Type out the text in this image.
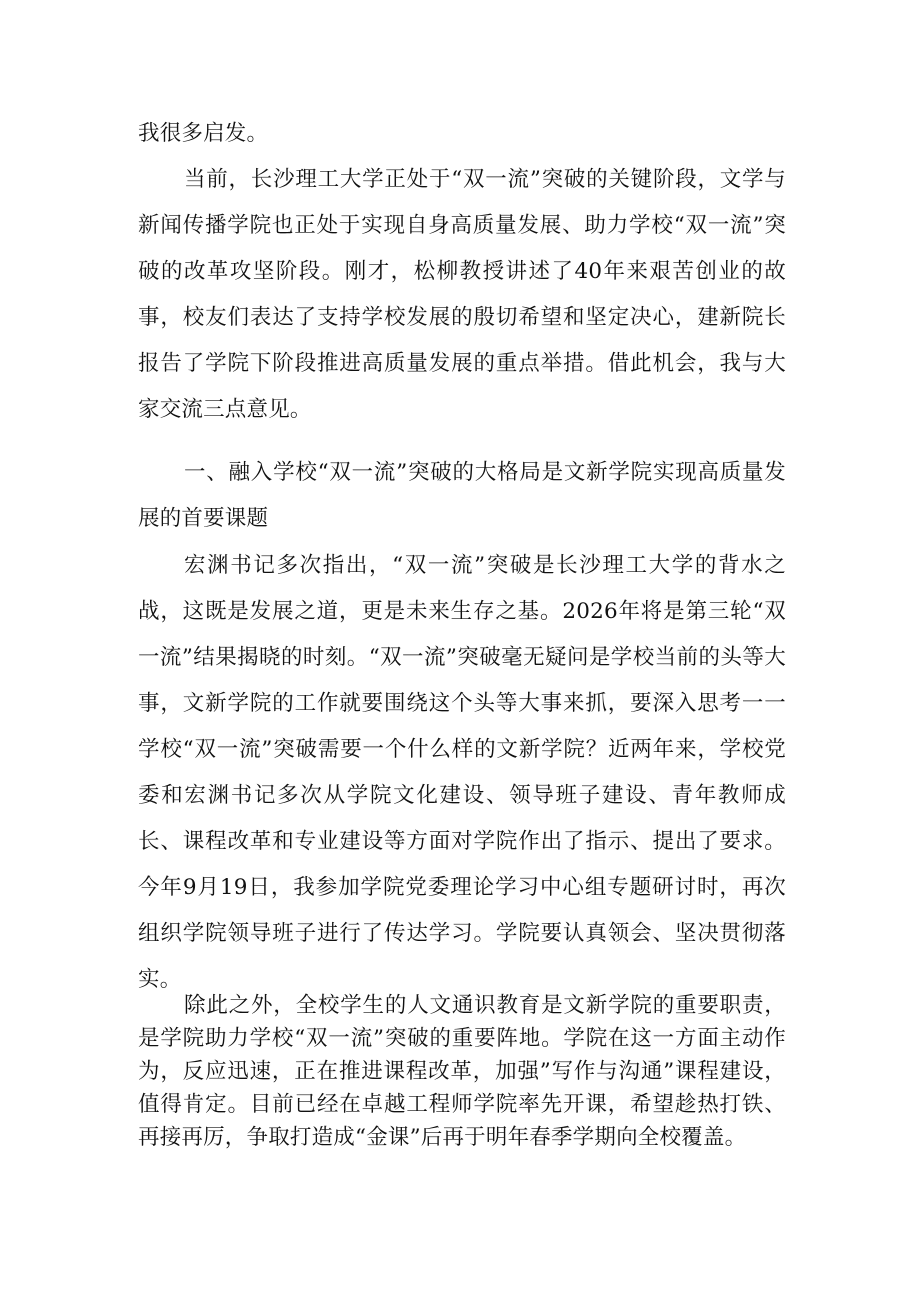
我很多启发。

当前，长沙理工大学正处于“双一流”突破的关键阶段，文学与新闻传播学院也正处于实现自身高质量发展、助力学校“双一流”突破的改革攻坚阶段。刚才，松柳教授讲述了40年来艰苦创业的故事，校友们表达了支持学校发展的殷切希望和坚定决心，建新院长报告了学院下阶段推进高质量发展的重点举措。借此机会，我与大家交流三点意见。

一、融入学校“双一流”突破的大格局是文新学院实现高质量发展的首要课题

宏渊书记多次指出，“双一流”突破是长沙理工大学的背水之战，这既是发展之道，更是未来生存之基。2026年将是第三轮“双一流”结果揭晓的时刻。“双一流”突破毫无疑问是学校当前的头等大事，文新学院的工作就要围绕这个头等大事来抓，要深入思考一一学校“双一流”突破需要一个什么样的文新学院？近两年来，学校党委和宏渊书记多次从学院文化建设、领导班子建设、青年教师成长、课程改革和专业建设等方面对学院作出了指示、提出了要求。今年9月19日，我参加学院党委理论学习中心组专题研讨时，再次组织学院领导班子进行了传达学习。学院要认真领会、坚决贯彻落实。

除此之外，全校学生的人文通识教育是文新学院的重要职责，是学院助力学校“双一流”突破的重要阵地。学院在这一方面主动作为，反应迅速，正在推进课程改革，加强”写作与沟通”课程建设，值得肯定。目前已经在卓越工程师学院率先开课，希望趁热打铁、再接再厉，争取打造成“金课”后再于明年春季学期向全校覆盖。
